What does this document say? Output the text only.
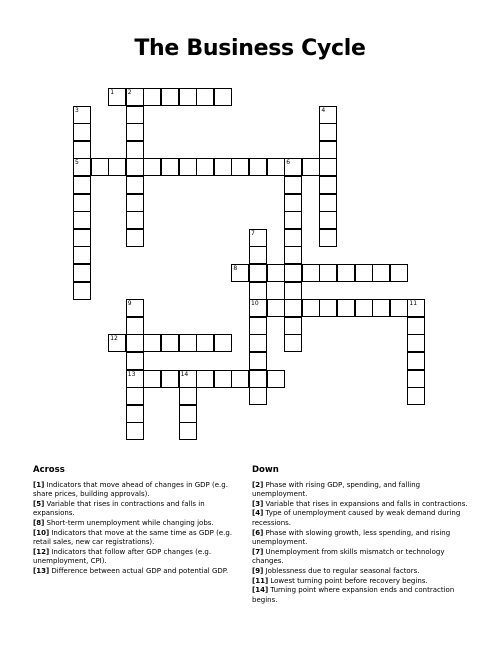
The Business Cycle
1 2
3	4
5	6
7
8
9	10	11
12
13	14
Across
[1] Indicators that move ahead of changes in GDP (e.g. share prices, building approvals).
[5] Variable that rises in contractions and falls in expansions.
[8] Short-term unemployment while changing jobs.
[10] Indicators that move at the same time as GDP (e.g. retail sales, new car registrations).
[12] Indicators that follow after GDP changes (e.g. unemployment, CPI).
[13] Difference between actual GDP and potential GDP.
Down
[2] Phase with rising GDP, spending, and falling unemployment.
[3] Variable that rises in expansions and falls in contractions.
[4] Type of unemployment caused by weak demand during recessions.
[6] Phase with slowing growth, less spending, and rising unemployment.
[7] Unemployment from skills mismatch or technology changes.
[9] Joblessness due to regular seasonal factors.
[11] Lowest turning point before recovery begins.
[14] Turning point where expansion ends and contraction begins.
